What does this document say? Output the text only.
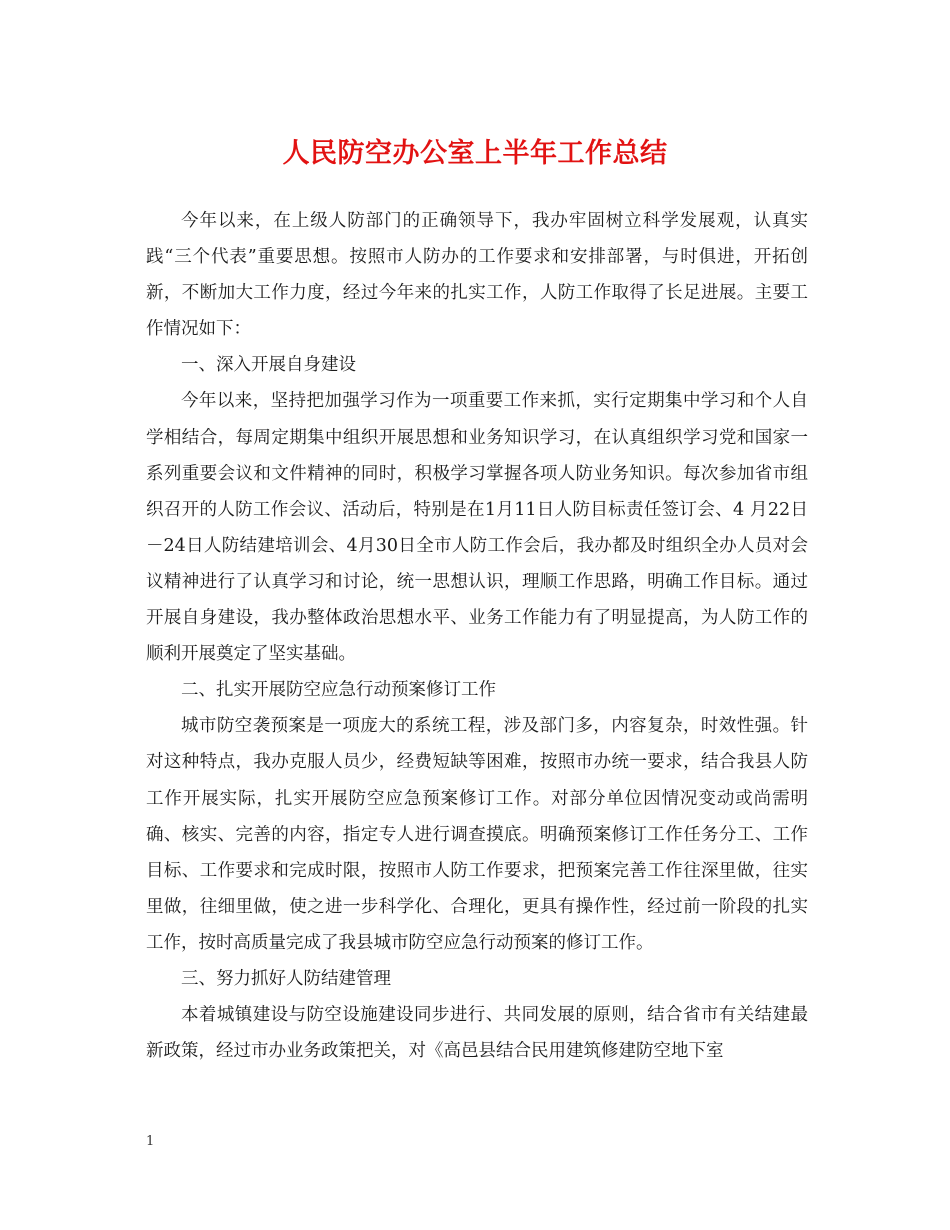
人民防空办公室上半年工作总结

今年以来，在上级人防部门的正确领导下，我办牢固树立科学发展观，认真实践“三个代表”重要思想。按照市人防办的工作要求和安排部署，与时俱进，开拓创新，不断加大工作力度，经过今年来的扎实工作，人防工作取得了长足进展。主要工作情况如下：

一、深入开展自身建设

今年以来，坚持把加强学习作为一项重要工作来抓，实行定期集中学习和个人自学相结合，每周定期集中组织开展思想和业务知识学习，在认真组织学习党和国家一系列重要会议和文件精神的同时，积极学习掌握各项人防业务知识。每次参加省市组织召开的人防工作会议、活动后，特别是在1月11日人防目标责任签订会、4 月22日－24日人防结建培训会、4月30日全市人防工作会后，我办都及时组织全办人员对会议精神进行了认真学习和讨论，统一思想认识，理顺工作思路，明确工作目标。通过开展自身建设，我办整体政治思想水平、业务工作能力有了明显提高，为人防工作的顺利开展奠定了坚实基础。

二、扎实开展防空应急行动预案修订工作

城市防空袭预案是一项庞大的系统工程，涉及部门多，内容复杂，时效性强。针对这种特点，我办克服人员少，经费短缺等困难，按照市办统一要求，结合我县人防工作开展实际，扎实开展防空应急预案修订工作。对部分单位因情况变动或尚需明确、核实、完善的内容，指定专人进行调查摸底。明确预案修订工作任务分工、工作目标、工作要求和完成时限，按照市人防工作要求，把预案完善工作往深里做，往实里做，往细里做，使之进一步科学化、合理化，更具有操作性，经过前一阶段的扎实工作，按时高质量完成了我县城市防空应急行动预案的修订工作。

三、努力抓好人防结建管理

本着城镇建设与防空设施建设同步进行、共同发展的原则，结合省市有关结建最新政策，经过市办业务政策把关，对《高邑县结合民用建筑修建防空地下室

1
